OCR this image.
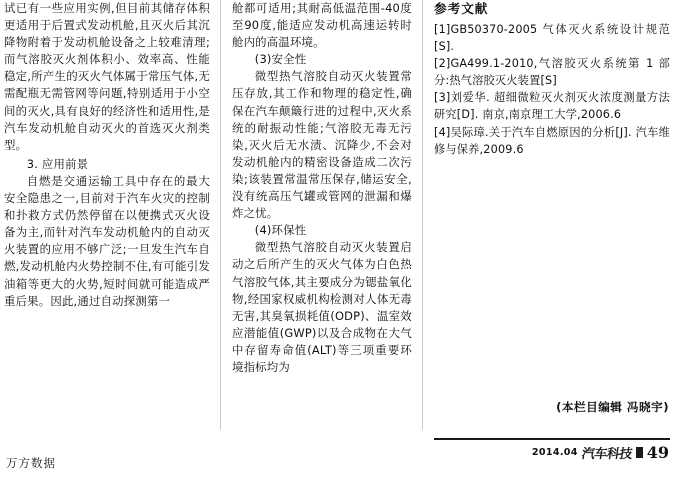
试已有一些应用实例,但目前其储存体积更适用于后置式发动机舱,且灭火后其沉降物附着于发动机舱设备之上较难清理;而气溶胶灭火剂体积小、效率高、性能稳定,所产生的灭火气体属于常压气体,无需配瓶无需管网等问题,特别适用于小空间的灭火,具有良好的经济性和适用性,是汽车发动机舱自动灭火的首选灭火剂类型。

3. 应用前景

自燃是交通运输工具中存在的最大安全隐患之一,目前对于汽车火灾的控制和扑救方式仍然停留在以便携式灭火设备为主,而针对汽车发动机舱内的自动灭火装置的应用不够广泛;一旦发生汽车自燃,发动机舱内火势控制不住,有可能引发油箱等更大的火势,短时间就可能造成严重后果。因此,通过自动探测第一

舱都可适用;其耐高低温范围-40度至90度,能适应发动机高速运转时舱内的高温环境。

(3)安全性

微型热气溶胶自动灭火装置常压存放,其工作和物理的稳定性,确保在汽车颠簸行进的过程中,灭火系统的耐振动性能;气溶胶无毒无污染,灭火后无水渍、沉降少,不会对发动机舱内的精密设备造成二次污染;该装置常温常压保存,储运安全,没有统高压气罐或管网的泄漏和爆炸之忧。

(4)环保性

微型热气溶胶自动灭火装置启动之后所产生的灭火气体为白色热气溶胶气体,其主要成分为锶盐氧化物,经国家权威机构检测对人体无毒无害,其臭氧损耗值(ODP)、温室效应潜能值(GWP)以及合成物在大气中存留寿命值(ALT)等三项重要环境指标均为

参考文献

[1]GB50370-2005 气体灭火系统设计规范[S].

[2]GA499.1-2010,气溶胶灭火系统第 1 部分:热气溶胶灭火装置[S]

[3]刘爱华. 超细微粒灭火剂灭火浓度测量方法研究[D]. 南京,南京理工大学,2006.6

[4]吴际璋.关于汽车自燃原因的分析[J]. 汽车维修与保养,2009.6

(本栏目编辑 冯晓宇)
2014.04 汽车科技 49
万方数据
